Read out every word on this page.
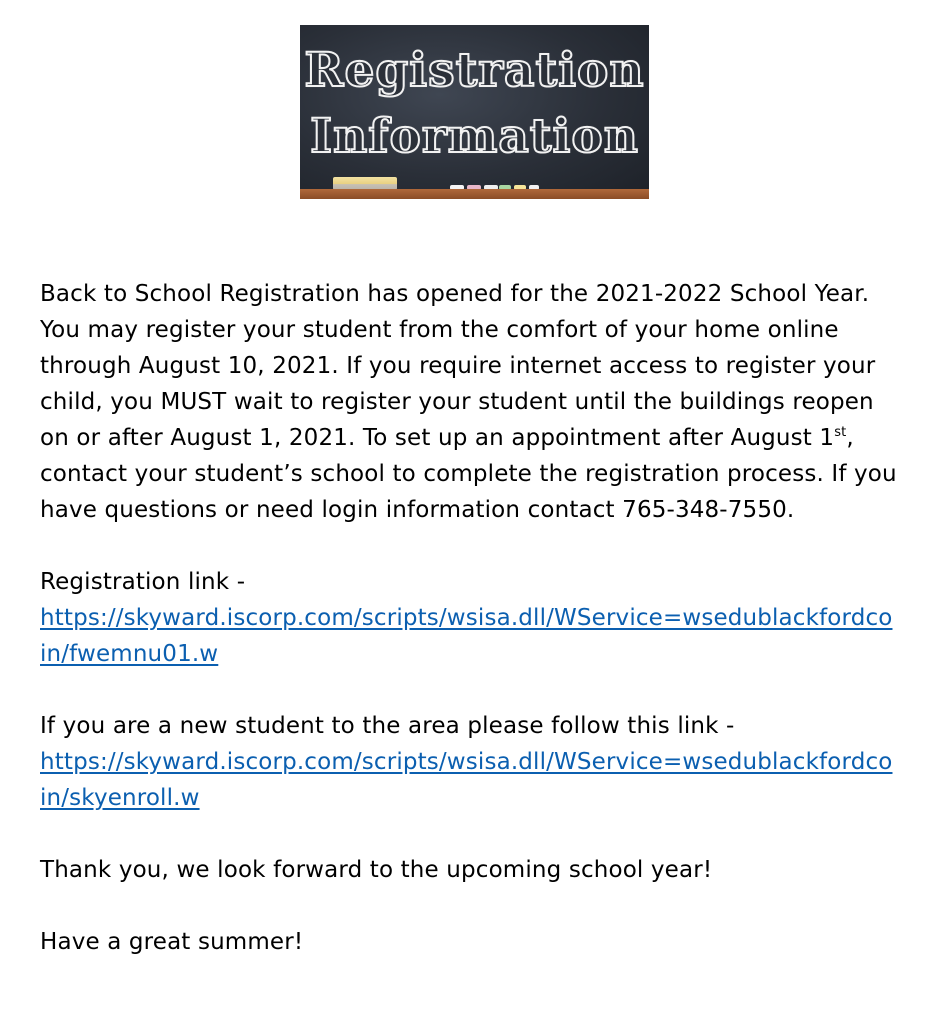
Registration
Information

Back to School Registration has opened for the 2021-2022 School Year. You may register your student from the comfort of your home online through August 10, 2021. If you require internet access to register your child, you MUST wait to register your student until the buildings reopen on or after August 1, 2021. To set up an appointment after August 1st, contact your student’s school to complete the registration process. If you have questions or need login information contact 765-348-7550.

Registration link -

https://skyward.iscorp.com/scripts/wsisa.dll/WService=wsedublackfordcoin/fwemnu01.w

If you are a new student to the area please follow this link -

https://skyward.iscorp.com/scripts/wsisa.dll/WService=wsedublackfordcoin/skyenroll.w

Thank you, we look forward to the upcoming school year!

Have a great summer!
